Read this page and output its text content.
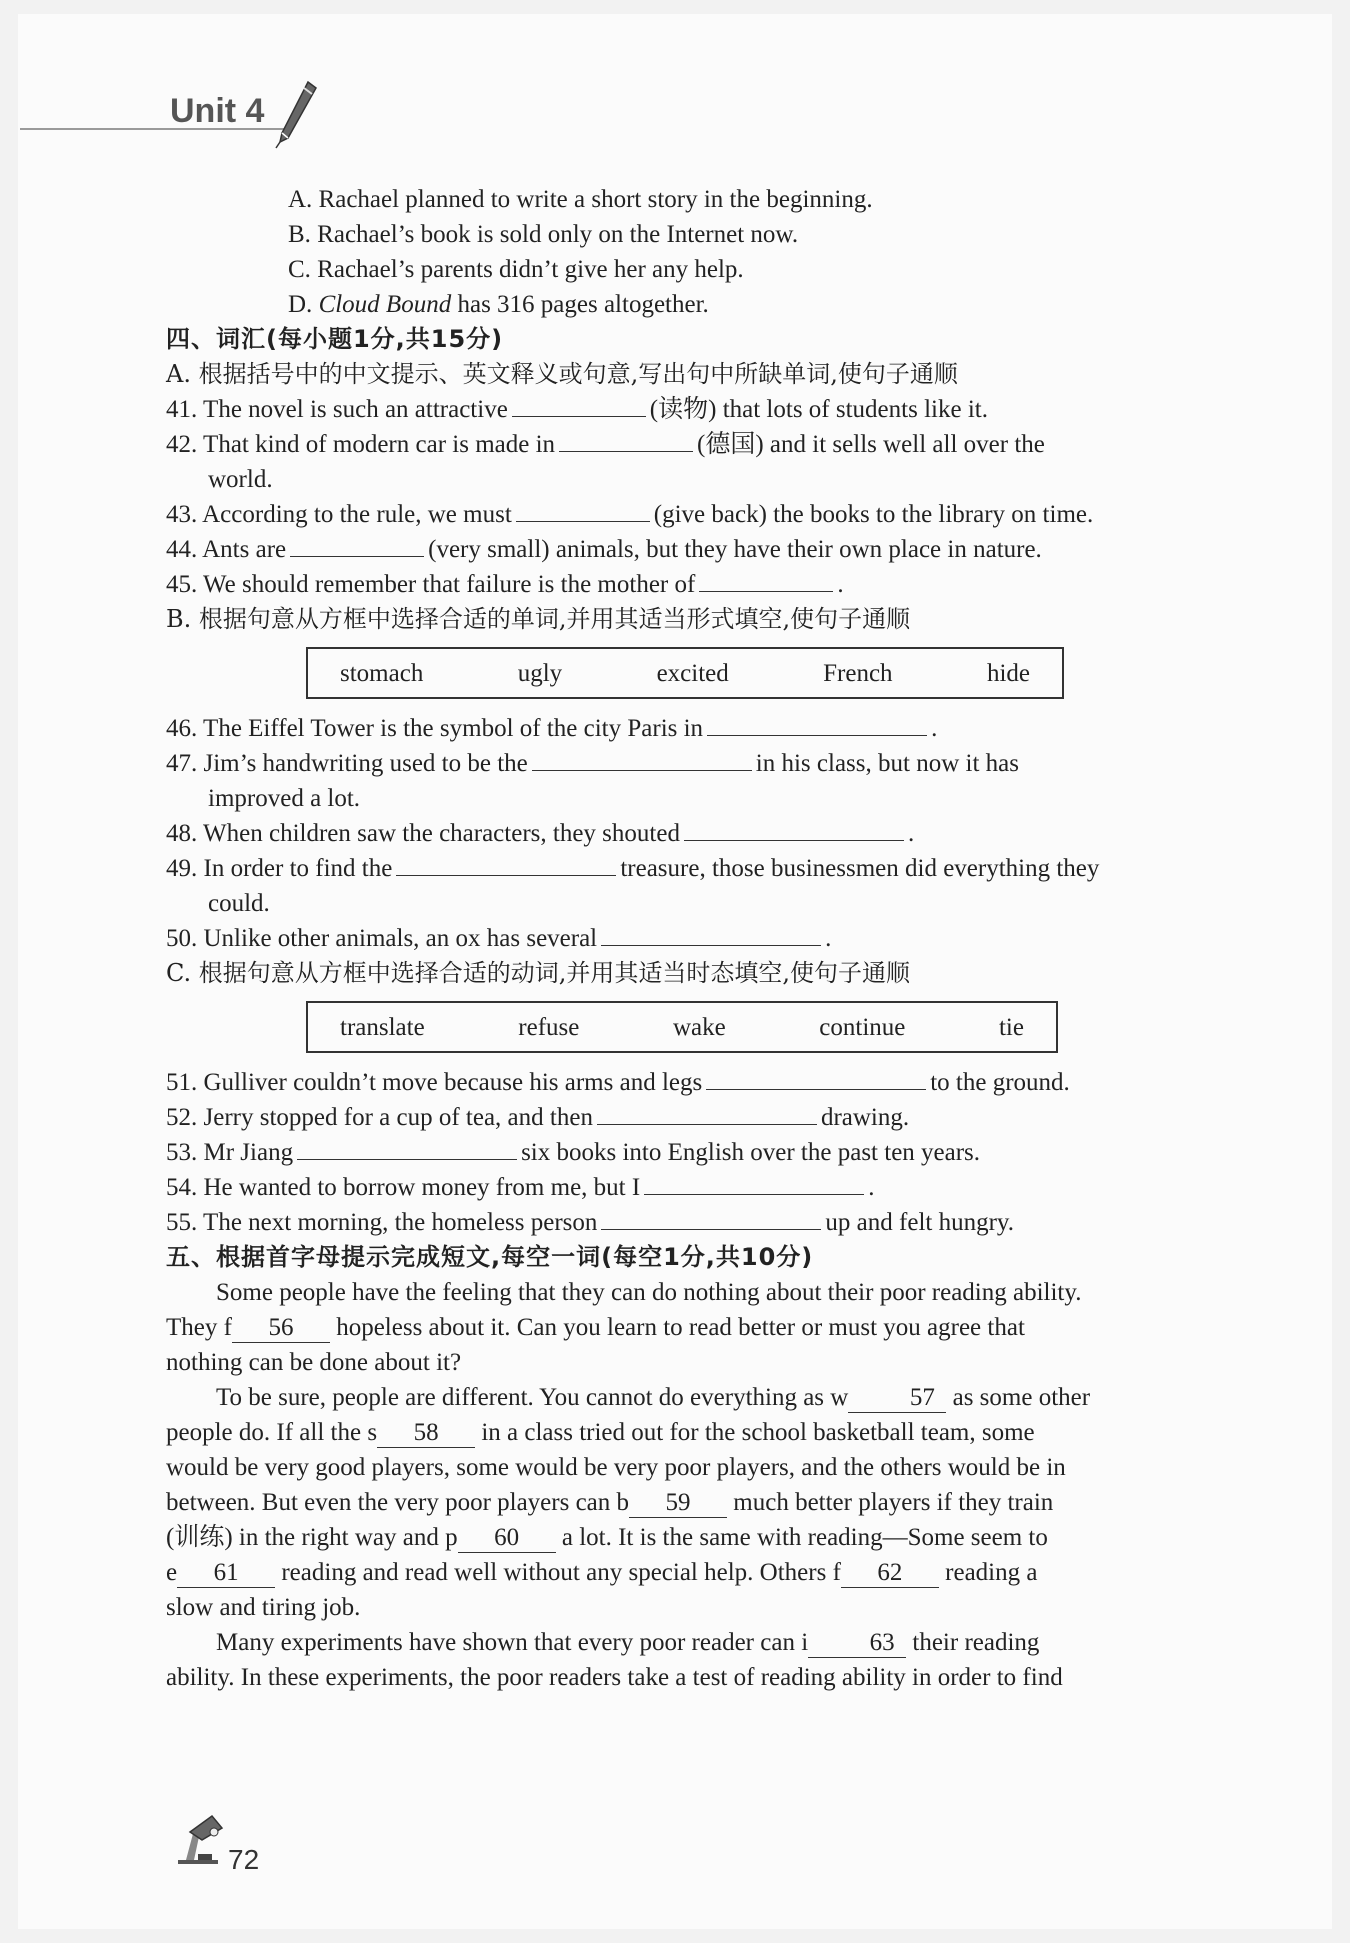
Unit 4
A. Rachael planned to write a short story in the beginning.
B. Rachael’s book is sold only on the Internet now.
C. Rachael’s parents didn’t give her any help.
D. Cloud Bound has 316 pages altogether.
四、词汇(每小题1分,共15分)
A. 根据括号中的中文提示、英文释义或句意,写出句中所缺单词,使句子通顺
41. The novel is such an attractive	(读物) that lots of students like it.
42. That kind of modern car is made in	(德国) and it sells well all over the
world.
43. According to the rule, we must	(give back) the books to the library on time.
44. Ants are	(very small) animals, but they have their own place in nature.
45. We should remember that failure is the mother of	.
B. 根据句意从方框中选择合适的单词,并用其适当形式填空,使句子通顺
stomach	ugly	excited	French	hide
46. The Eiffel Tower is the symbol of the city Paris in	.
47. Jim’s handwriting used to be the	in his class, but now it has
improved a lot.
48. When children saw the characters, they shouted	.
49. In order to find the	treasure, those businessmen did everything they
could.
50. Unlike other animals, an ox has several	.
C. 根据句意从方框中选择合适的动词,并用其适当时态填空,使句子通顺
translate	refuse	wake	continue	tie
51. Gulliver couldn’t move because his arms and legs	to the ground.
52. Jerry stopped for a cup of tea, and then	drawing.
53. Mr Jiang	six books into English over the past ten years.
54. He wanted to borrow money from me, but I	.
55. The next morning, the homeless person	up and felt hungry.
五、根据首字母提示完成短文,每空一词(每空1分,共10分)
Some people have the feeling that they can do nothing about their poor reading ability.
They f 56 hopeless about it. Can you learn to read better or must you agree that
nothing can be done about it?
To be sure, people are different. You cannot do everything as w 57 as some other
people do. If all the s 58 in a class tried out for the school basketball team, some
would be very good players, some would be very poor players, and the others would be in
between. But even the very poor players can b 59 much better players if they train
(训练) in the right way and p 60 a lot. It is the same with reading—Some seem to
e 61 reading and read well without any special help. Others f 62 reading a
slow and tiring job.
Many experiments have shown that every poor reader can i 63 their reading
ability. In these experiments, the poor readers take a test of reading ability in order to find
72
